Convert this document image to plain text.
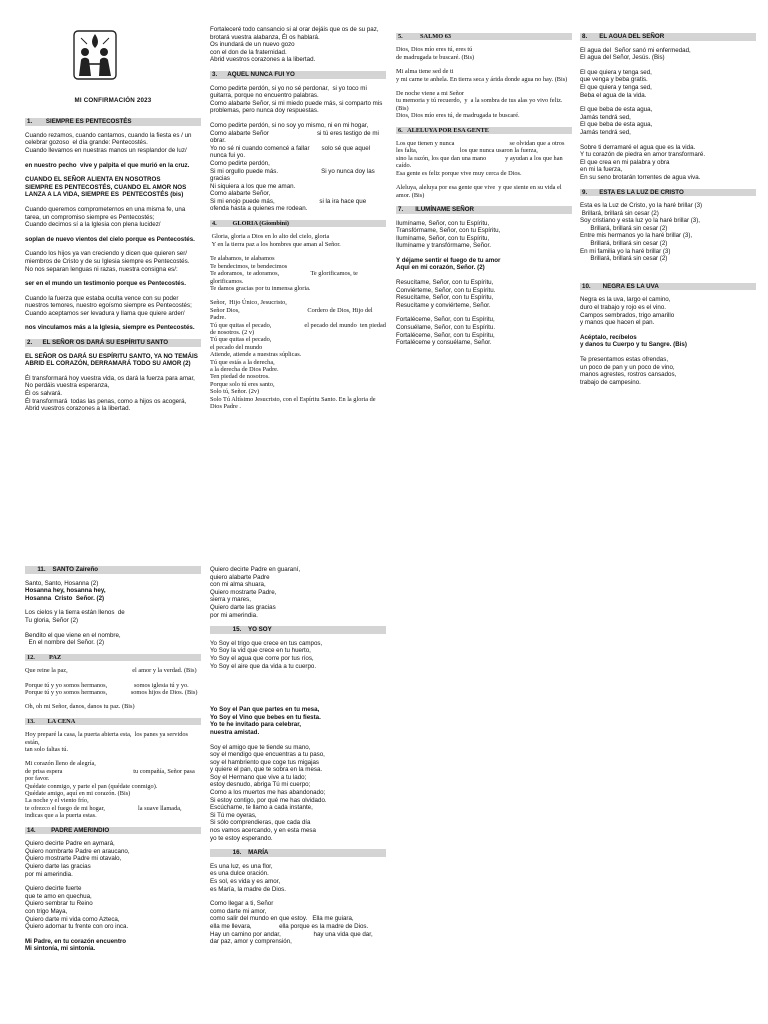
MI CONFIRMACIÓN 2023
1.        SIEMPRE ES PENTECOSTÉS
Cuando rezamos, cuando cantamos, cuando la fiesta es / un celebrar gozoso  el día grande: Pentecostés.
Cuando llevamos en nuestras manos un resplandor de luz/
en nuestro pecho  vive y palpita el que murió en la cruz.
CUANDO EL SEÑOR ALIENTA EN NOSOTROS
SIEMPRE ES PENTECOSTÉS, CUANDO EL AMOR NOS LANZA A LA VIDA, SIEMPRE ES  PENTECOSTÉS (bis)
Cuando queremos comprometernos en una misma fe, una tarea, un compromiso siempre es Pentecostés;
Cuando decimos sí a la Iglesia con plena lucidez/
soplan de nuevo vientos del cielo porque es Pentecostés.
Cuando los hijos ya van creciendo y dicen que quieren ser/ miembros de Cristo y de su Iglesia siempre es Pentecostés.
No nos separan lenguas ni razas, nuestra consigna es/:
ser en el mundo un testimonio porque es Pentecostés.
Cuando la fuerza que estaba oculta vence con su poder nuestros temores, nuestro egoísmo siempre es Pentecostés; Cuando aceptamos ser levadura y llama que quiere arder/
nos vinculamos más a la Iglesia, siempre es Pentecostés.
2.      EL SEÑOR OS DARÁ SU ESPÍRITU SANTO
EL SEÑOR OS DARÁ SU ESPÍRITU SANTO, YA NO TEMÁIS ABRID EL CORAZÓN, DERRAMARÁ TODO SU AMOR (2)
Él transformará hoy vuestra vida, os dará la fuerza para amar,
No perdáis vuestra esperanza,
Él os salvará.
Él transformará  todas las penas, como a hijos os acogerá,
Abrid vuestros corazones a la libertad.
Fortaleceré todo cansancio si al orar dejáis que os de su paz, brotará vuestra alabanza, Él os hablará.
Os inundará de un nuevo gozo
con el don de la fraternidad.
Abrid vuestros corazones a la libertad.
3.      AQUEL NUNCA FUI YO
Como pedirte perdón, si yo no sé perdonar,  si yo toco mi guitarra, porque no encuentro palabras.
Como alabarte Señor, si mi miedo puede más, si comparto mis problemas, pero nunca doy respuestas.
Como pedirte perdón, si no soy yo mismo, ni en mi hogar,
Como alabarte Señor                            si tú eres testigo de mi obrar.
Yo no sé ni cuando comencé a fallar       solo sé que aquel nunca fui yo.
Como pedirte perdón,
Si mi orgullo puede más.                         Si yo nunca doy las gracias
Ni siquiera a los que me aman.
Como alabarte Señor,
Si mi enojo puede más,                          si la ira hace que ofenda hasta a quienes me rodean.
4.          GLORIA (Giombini)
Gloria, gloria a Dios en lo alto del cielo, gloria
Y en la tierra paz a los hombres que aman al Señor.
Te alabamos, te alabamos
Te bendecimos, te bendecimos
Te adoramos,  te adoramos,                    Te glorificamos, te glorificamos.
Te damos gracias por tu inmensa gloria.
Señor,  Hijo Único, Jesucristo,
Señor Dios,                                           Cordero de Dios, Hijo del Padre.
Tú que quitas el pecado,                     el pecado del mundo  ten piedad de nosotros. (2 v)
Tú que quitas el pecado,
el pecado del mundo
Atiende, atiende a nuestras súplicas.
Tú que estás a la derecha,
a la derecha de Dios Padre.
Ten piedad de nosotros.
Porque solo tú eres santo,
Solo tú, Señor. (2v)
Solo Tú Altísimo Jesucristo, con el Espíritu Santo. En la gloria de Dios Padre .
5.           SALMO 63
Dios, Dios mío eres tú, eres tú
de madrugada te buscaré. (Bis)
Mi alma tiene sed de ti
y mi carne te anhela. En tierra seca y árida donde agua no hay. (Bis)
De noche viene a mi Señor
tu memoria y tú recuerdo,  y  a la sombra de tus alas yo vivo feliz. (Bis)
Dios, Dios mío eres tú, de madrugada te buscaré.
6.   ALELUYA POR ESA GENTE
Los que tienen y nunca                                   se olvidan que a otros les falta,                           los que nunca usaron la fuerza,                  sino la razón, los que dan una mano            y ayudan a los que han caído.
Esa gente es feliz porque vive muy cerca de Dios.
Aleluya, aleluya por esa gente que vive  y que siente en su vida el amor. (Bis)
7.       ILUMÍNAME SEÑOR
Ilumíname, Señor, con tu Espíritu,
Transfórmame, Señor, con tu Espíritu,
Ilumíname, Señor, con tu Espíritu,
Ilumíname y transfórmame, Señor.
Y déjame sentir el fuego de tu amor
Aquí en mi corazón, Señor. (2)
Resucítame, Señor, con tu Espíritu,
Conviérteme, Señor, con tu Espíritu.
Resucítame, Señor, con tu Espíritu,
Resucítame y conviérteme, Señor.
Fortaléceme, Señor, con tu Espíritu,
Consuélame, Señor, con tu Espíritu.
Fortaléceme, Señor, con tu Espíritu,
Fortaléceme y consuélame, Señor.
8.       EL AGUA DEL SEÑOR
El agua del  Señor sanó mi enfermedad,
El agua del Señor, Jesús. (Bis)
El que quiera y tenga sed,
que venga y beba gratis.
El que quiera y tenga sed,
Beba el agua de la vida.
El que beba de esta agua,
Jamás tendrá sed,
El que beba de esta agua,
Jamás tendrá sed,
Sobre ti derramaré el agua que es la vida.
Y tu corazón de piedra en amor transformaré.
El que crea en mi palabra y obra
en mi la fuerza,
En su seno brotarán torrentes de agua viva.
9.       ESTA ES LA LUZ DE CRISTO
Esta es la Luz de Cristo, yo la haré brillar (3)
Brillará, brillará sin cesar (2)
Soy cristiano y esta luz yo la haré brillar (3),
Brillará, brillará sin cesar (2)
Entre mis hermanos yo la haré brillar (3),
Brillará, brillará sin cesar (2)
En mi familia yo la haré brillar (3)
Brillará, brillará sin cesar (2)
10.       NEGRA ES LA UVA
Negra es la uva, largo el camino,
duro el trabajo y rojo es el vino.
Campos sembrados, trigo amarillo
y manos que hacen el pan.
Acéptalo, recíbelos
y danos tu Cuerpo y tu Sangre. (Bis)
Te presentamos estas ofrendas,
un poco de pan y un poco de vino,
manos agrestes, rostros cansados,
trabajo de campesino.
11.    SANTO Zaireño
Santo, Santo, Hosanna (2)
Hosanna hey, hosanna hey,
Hosanna  Cristo  Señor. (2)
Los cielos y la tierra están llenos  de
Tu gloria, Señor (2)
Bendito el que viene en el nombre,
En el nombre del Señor. (2)
12.         PAZ
Que reine la paz,                                         el amor y la verdad. (Bis)
Porque tú y yo somos hermanos,                 somos iglesia tú y yo.              Porque tú y yo somos hermanos,               somos hijos de Dios. (Bis)
Oh, oh mi Señor, danos, danos tu paz. (Bis)
13.        LA CENA
Hoy preparé la casa, la puerta abierta esta,  los panes ya servidos están,
tan solo faltas tú.
Mi corazón lleno de alegría,
de prisa espera                                             tu compañía, Señor pasa por favor.
Quédate conmigo, y parte el pan (quédate conmigo).
Quédate amigo, aquí en mi corazón. (Bis)
La noche y el viento frío,
te ofrezco el fuego de mi hogar,                     la suave llamada,
indicas que a la puerta estas.
14.         PADRE AMERINDIO
Quiero decirte Padre en aymará,
Quiero nombrarte Padre en araucano,
Quiero mostrarte Padre mi otavalo,
Quiero darte las gracias
por mi amerindia.
Quiero decirte fuerte
que te amo en quechua,
Quiero sembrar tu Reino
con trigo Maya,
Quiero darte mi vida como Azteca,
Quiero adornar tu frente con oro inca.
Mi Padre, en tu corazón encuentro
Mi sintonía, mi sintonía.
Quiero decirte Padre en guaraní,
quiero alabarte Padre
con mi alma shuara,
Quiero mostrarte Padre,
sierra y mares,
Quiero darte las gracias
por mi amerindia.
15.    YO SOY
Yo Soy el trigo que crece en tus campos,
Yo Soy la vid que crece en tu huerto,
Yo Soy el agua que corre por tus ríos,
Yo Soy el aire que da vida a tu cuerpo.
Yo Soy el Pan que partes en tu mesa,
Yo Soy el Vino que bebes en tu fiesta.
Yo te he invitado para celebrar,
nuestra amistad.
Soy el amigo que te tiende su mano,
soy el mendigo que encuentras a tu paso,
soy el hambriento que coge tus migajas
y quiere el pan, que te sobra en la mesa.
Soy el Hermano que vive a tu lado;
estoy desnudo, abriga Tú mi cuerpo;
Como a los muertos me has abandonado;
Si estoy contigo, por qué me has olvidado.
Escúchame, te llamo a cada instante,
Si Tú me oyeras,
Si sólo comprendieras, que cada día
nos vamos acercando, y en esta mesa
yo te estoy esperando.
16.    MARÍA
Es una luz, es una flor,
es una dulce oración.
Es sol, es vida y es amor,
es María, la madre de Dios.
Como llegar a ti, Señor
como darte mi amor,
como salir del mundo en que estoy.   Ella me guiara,
ella me llevara,                ella porque es la madre de Dios.
Hay un camino por andar,                   hay una vida que dar,
dar paz, amor y comprensión,
